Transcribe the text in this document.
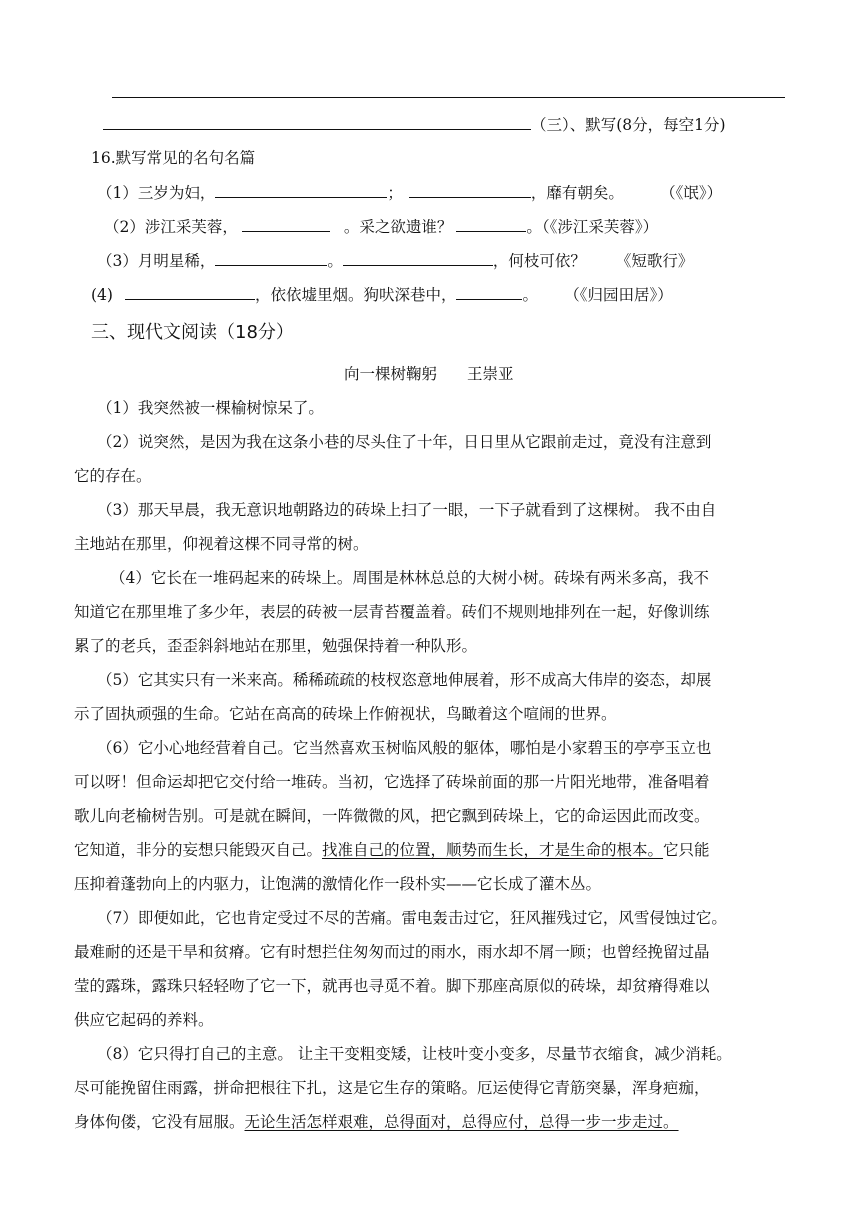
（三）、默写(8分，每空1分)
16.默写常见的名句名篇
（1）三岁为妇，	；	，靡有朝矣。	（《氓》）
（2）涉江采芙蓉，	。采之欲遗谁？	。（《涉江采芙蓉》）
（3）月明星稀，	。	，何枝可依？ 《短歌行》
(4)	，依依墟里烟。狗吠深巷中，	。 （《归园田居》）
三、现代文阅读（18分）
向一棵树鞠躬 王崇亚
（1）我突然被一棵榆树惊呆了。
（2）说突然，是因为我在这条小巷的尽头住了十年，日日里从它跟前走过，竟没有注意到
它的存在。
（3）那天早晨，我无意识地朝路边的砖垛上扫了一眼，一下子就看到了这棵树。 我不由自
主地站在那里，仰视着这棵不同寻常的树。
（4）它长在一堆码起来的砖垛上。周围是林林总总的大树小树。砖垛有两米多高，我不
知道它在那里堆了多少年，表层的砖被一层青苔覆盖着。砖们不规则地排列在一起，好像训练
累了的老兵，歪歪斜斜地站在那里，勉强保持着一种队形。
（5）它其实只有一米来高。稀稀疏疏的枝杈恣意地伸展着，形不成高大伟岸的姿态，却展
示了固执顽强的生命。它站在高高的砖垛上作俯视状，鸟瞰着这个喧闹的世界。
（6）它小心地经营着自己。它当然喜欢玉树临风般的躯体，哪怕是小家碧玉的亭亭玉立也
可以呀！但命运却把它交付给一堆砖。当初，它选择了砖垛前面的那一片阳光地带，准备唱着
歌儿向老榆树告别。可是就在瞬间，一阵微微的风，把它飘到砖垛上，它的命运因此而改变。
它知道，非分的妄想只能毁灭自己。找准自己的位置，顺势而生长，才是生命的根本。它只能
压抑着蓬勃向上的内驱力，让饱满的激情化作一段朴实——它长成了灌木丛。
（7）即便如此，它也肯定受过不尽的苦痛。雷电轰击过它，狂风摧残过它，风雪侵蚀过它。
最难耐的还是干旱和贫瘠。它有时想拦住匆匆而过的雨水，雨水却不屑一顾；也曾经挽留过晶
莹的露珠，露珠只轻轻吻了它一下，就再也寻觅不着。脚下那座高原似的砖垛，却贫瘠得难以
供应它起码的养料。
（8）它只得打自己的主意。 让主干变粗变矮，让枝叶变小变多，尽量节衣缩食，减少消耗。
尽可能挽留住雨露，拼命把根往下扎，这是它生存的策略。厄运使得它青筋突暴，浑身疤痂，
身体佝偻，它没有屈服。无论生活怎样艰难，总得面对，总得应付，总得一步一步走过。
